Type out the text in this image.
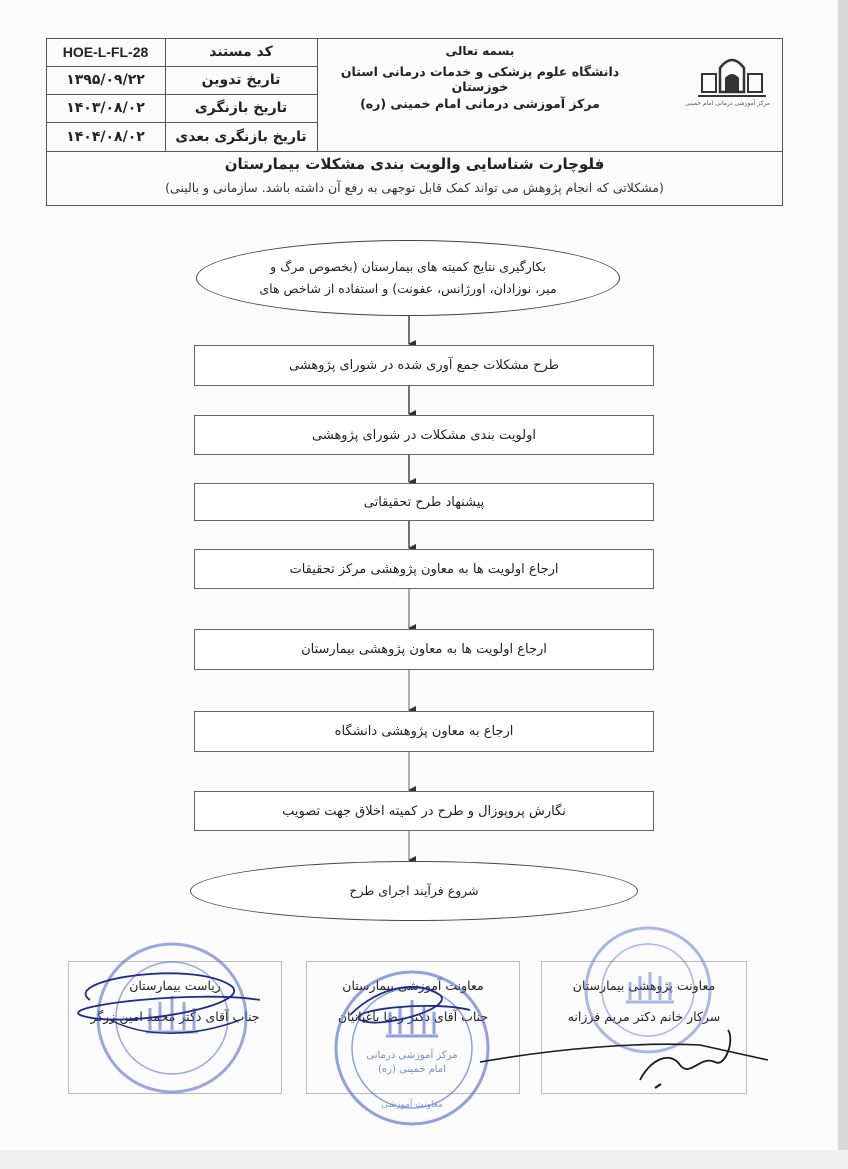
HOE-L-FL-28	کد مستند
۱۳۹۵/۰۹/۲۲	تاریخ تدوین
۱۴۰۳/۰۸/۰۲	تاریخ بازنگری
۱۴۰۴/۰۸/۰۲	تاریخ بازنگری بعدی
بسمه تعالی
دانشگاه علوم پزشکی و خدمات درمانی استان خوزستان
مرکز آموزشی درمانی امام خمینی (ره)	مرکز آموزشی درمانی امام خمینی
فلوچارت شناسایی والویت بندی مشکلات بیمارستان
(مشکلاتی که انجام پژوهش می تواند کمک قابل توجهی به رفع آن داشته باشد. سازمانی و بالینی)
بکارگیری نتایج کمیته های بیمارستان (بخصوص مرگ و
میر، نوزادان، اورژانس، عفونت) و استفاده از شاخص های
طرح مشکلات جمع آوری شده در شورای پژوهشی
اولویت بندی مشکلات در شورای پژوهشی
پیشنهاد طرح تحقیقاتی
ارجاع اولویت ها به معاون پژوهشی مرکز تحقیقات
ارجاع اولویت ها به معاون پژوهشی بیمارستان
ارجاع به معاون پژوهشی دانشگاه
نگارش پروپوزال و طرح در کمیته اخلاق جهت تصویب
شروع فرآیند اجرای طرح
ریاست بیمارستان
جناب آقای دکتر محمد امین زرگر
معاونت آموزشی بیمارستان
جناب آقای دکتر رضا باغبانیان
معاونت پژوهشی بیمارستان
سرکار خانم دکتر مریم فرزانه
مرکز آموزشی درمانی
امام خمینی (ره)
معاونت آموزشی
